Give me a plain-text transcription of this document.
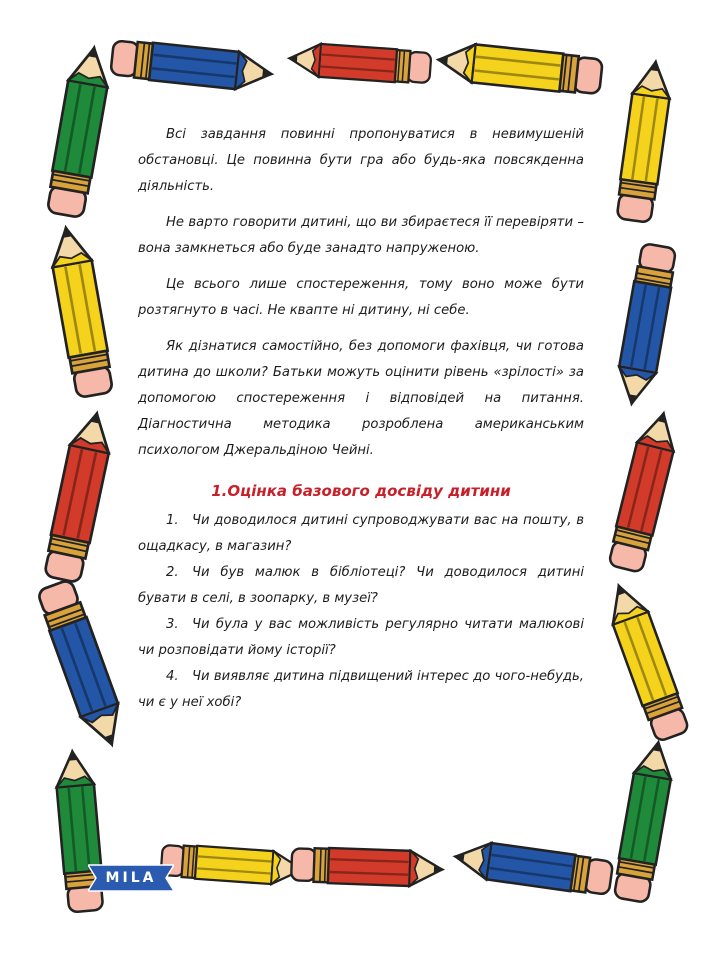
Всі завдання повинні пропонуватися в невимушеній обстановці. Це повинна бути гра або будь-яка повсякденна діяльність.

Не варто говорити дитині, що ви збираєтеся її перевіряти – вона замкнеться або буде занадто напруженою.

Це всього лише спостереження, тому воно може бути розтягнуто в часі. Не квапте ні дитину, ні себе.

Як дізнатися самостійно, без допомоги фахівця, чи готова дитина до школи? Батьки можуть оцінити рівень «зрілості» за допомогою спостереження і відповідей на питання. Діагностична методика розроблена американським психологом Джеральдіною Чейні.

1.Оцінка базового досвіду дитини
1. Чи доводилося дитині супроводжувати вас на пошту, в ощадкасу, в магазин?
2. Чи був малюк в бібліотеці? Чи доводилося дитині бувати в селі, в зоопарку, в музеї?
3. Чи була у вас можливість регулярно читати малюкові чи розповідати йому історії?
4. Чи виявляє дитина підвищений інтерес до чого-небудь, чи є у неї хобі?
MILA
